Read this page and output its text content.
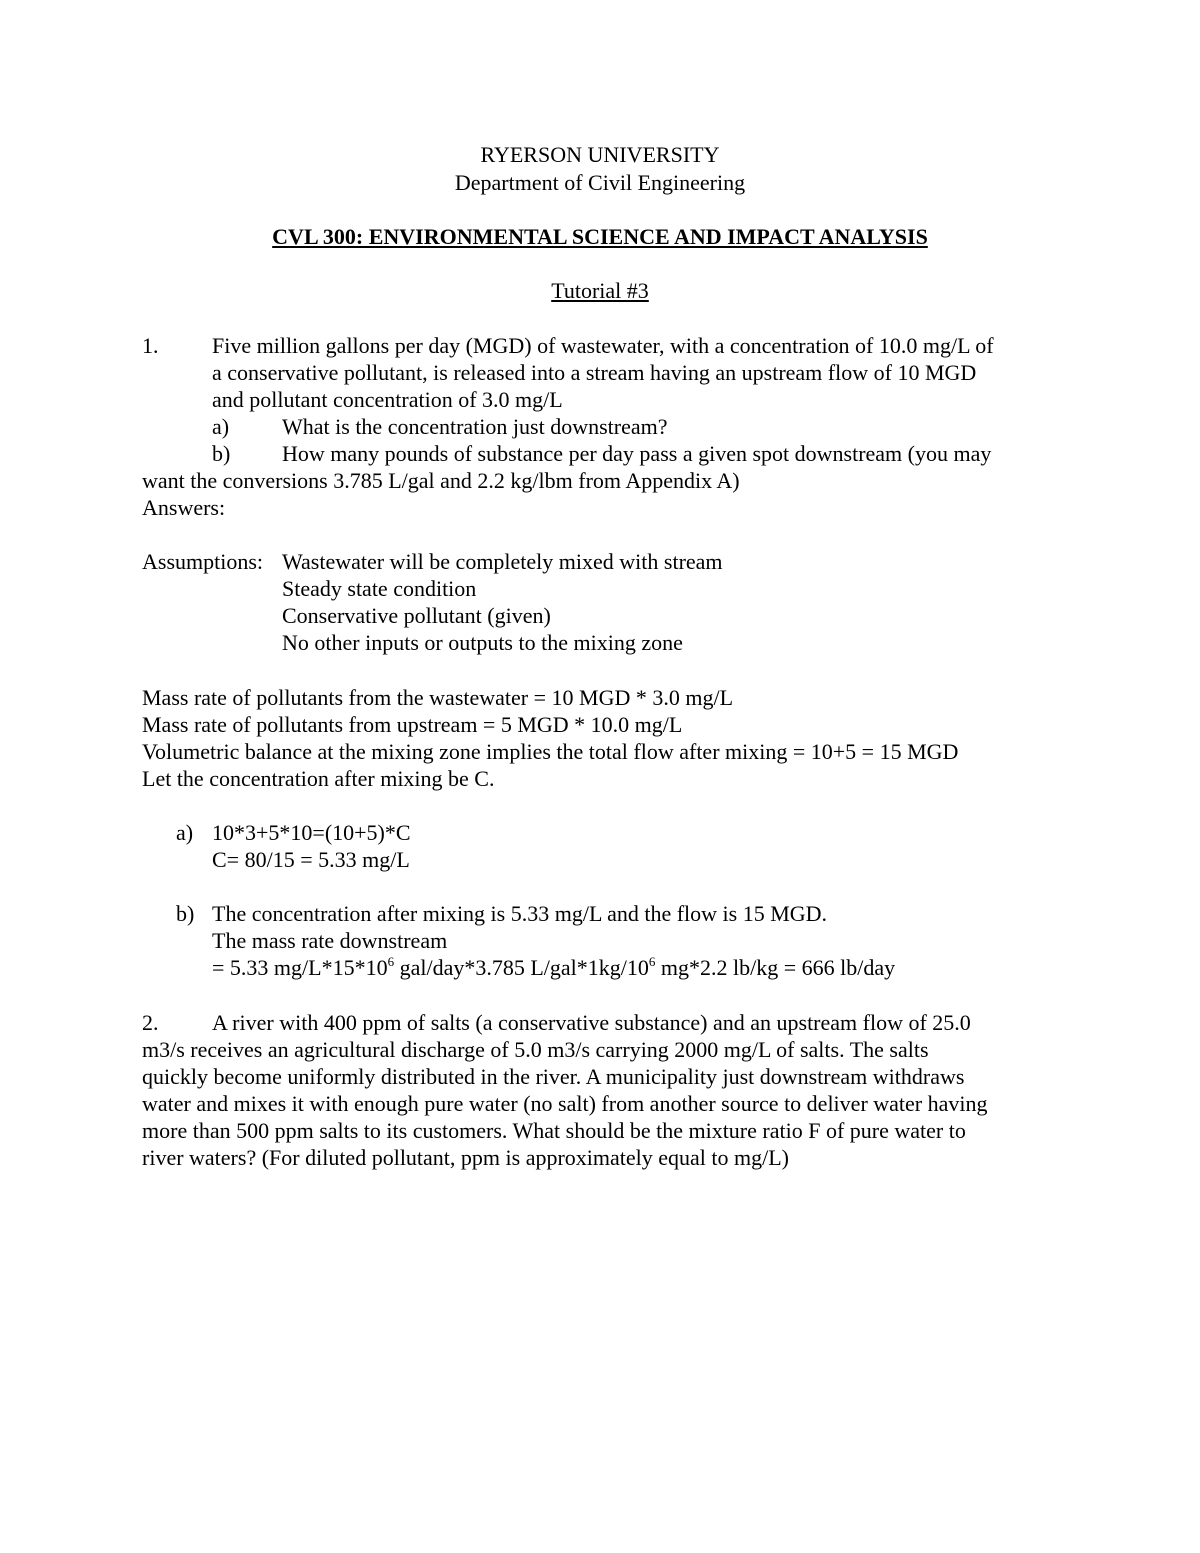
RYERSON UNIVERSITY
Department of Civil Engineering
CVL 300: ENVIRONMENTAL SCIENCE AND IMPACT ANALYSIS
Tutorial #3
1. Five million gallons per day (MGD) of wastewater, with a concentration of 10.0 mg/L of
a conservative pollutant, is released into a stream having an upstream flow of 10 MGD
and pollutant concentration of 3.0 mg/L
a) What is the concentration just downstream?
b) How many pounds of substance per day pass a given spot downstream (you may
want the conversions 3.785 L/gal and 2.2 kg/lbm from Appendix A)
Answers:
Assumptions: Wastewater will be completely mixed with stream
Steady state condition
Conservative pollutant (given)
No other inputs or outputs to the mixing zone
Mass rate of pollutants from the wastewater = 10 MGD * 3.0 mg/L
Mass rate of pollutants from upstream = 5 MGD * 10.0 mg/L
Volumetric balance at the mixing zone implies the total flow after mixing = 10+5 = 15 MGD
Let the concentration after mixing be C.
a) 10*3+5*10=(10+5)*C
C= 80/15 = 5.33 mg/L
b) The concentration after mixing is 5.33 mg/L and the flow is 15 MGD.
The mass rate downstream
= 5.33 $mg/L*15*10^6$ gal/day*3.785 $L/gal*1kg/10^6$ mg*2.2 lb/kg = 666 lb/day
2. A river with 400 ppm of salts (a conservative substance) and an upstream flow of 25.0
m3/s receives an agricultural discharge of 5.0 m3/s carrying 2000 mg/L of salts. The salts
quickly become uniformly distributed in the river. A municipality just downstream withdraws
water and mixes it with enough pure water (no salt) from another source to deliver water having
more than 500 ppm salts to its customers. What should be the mixture ratio F of pure water to
river waters? (For diluted pollutant, ppm is approximately equal to mg/L)
